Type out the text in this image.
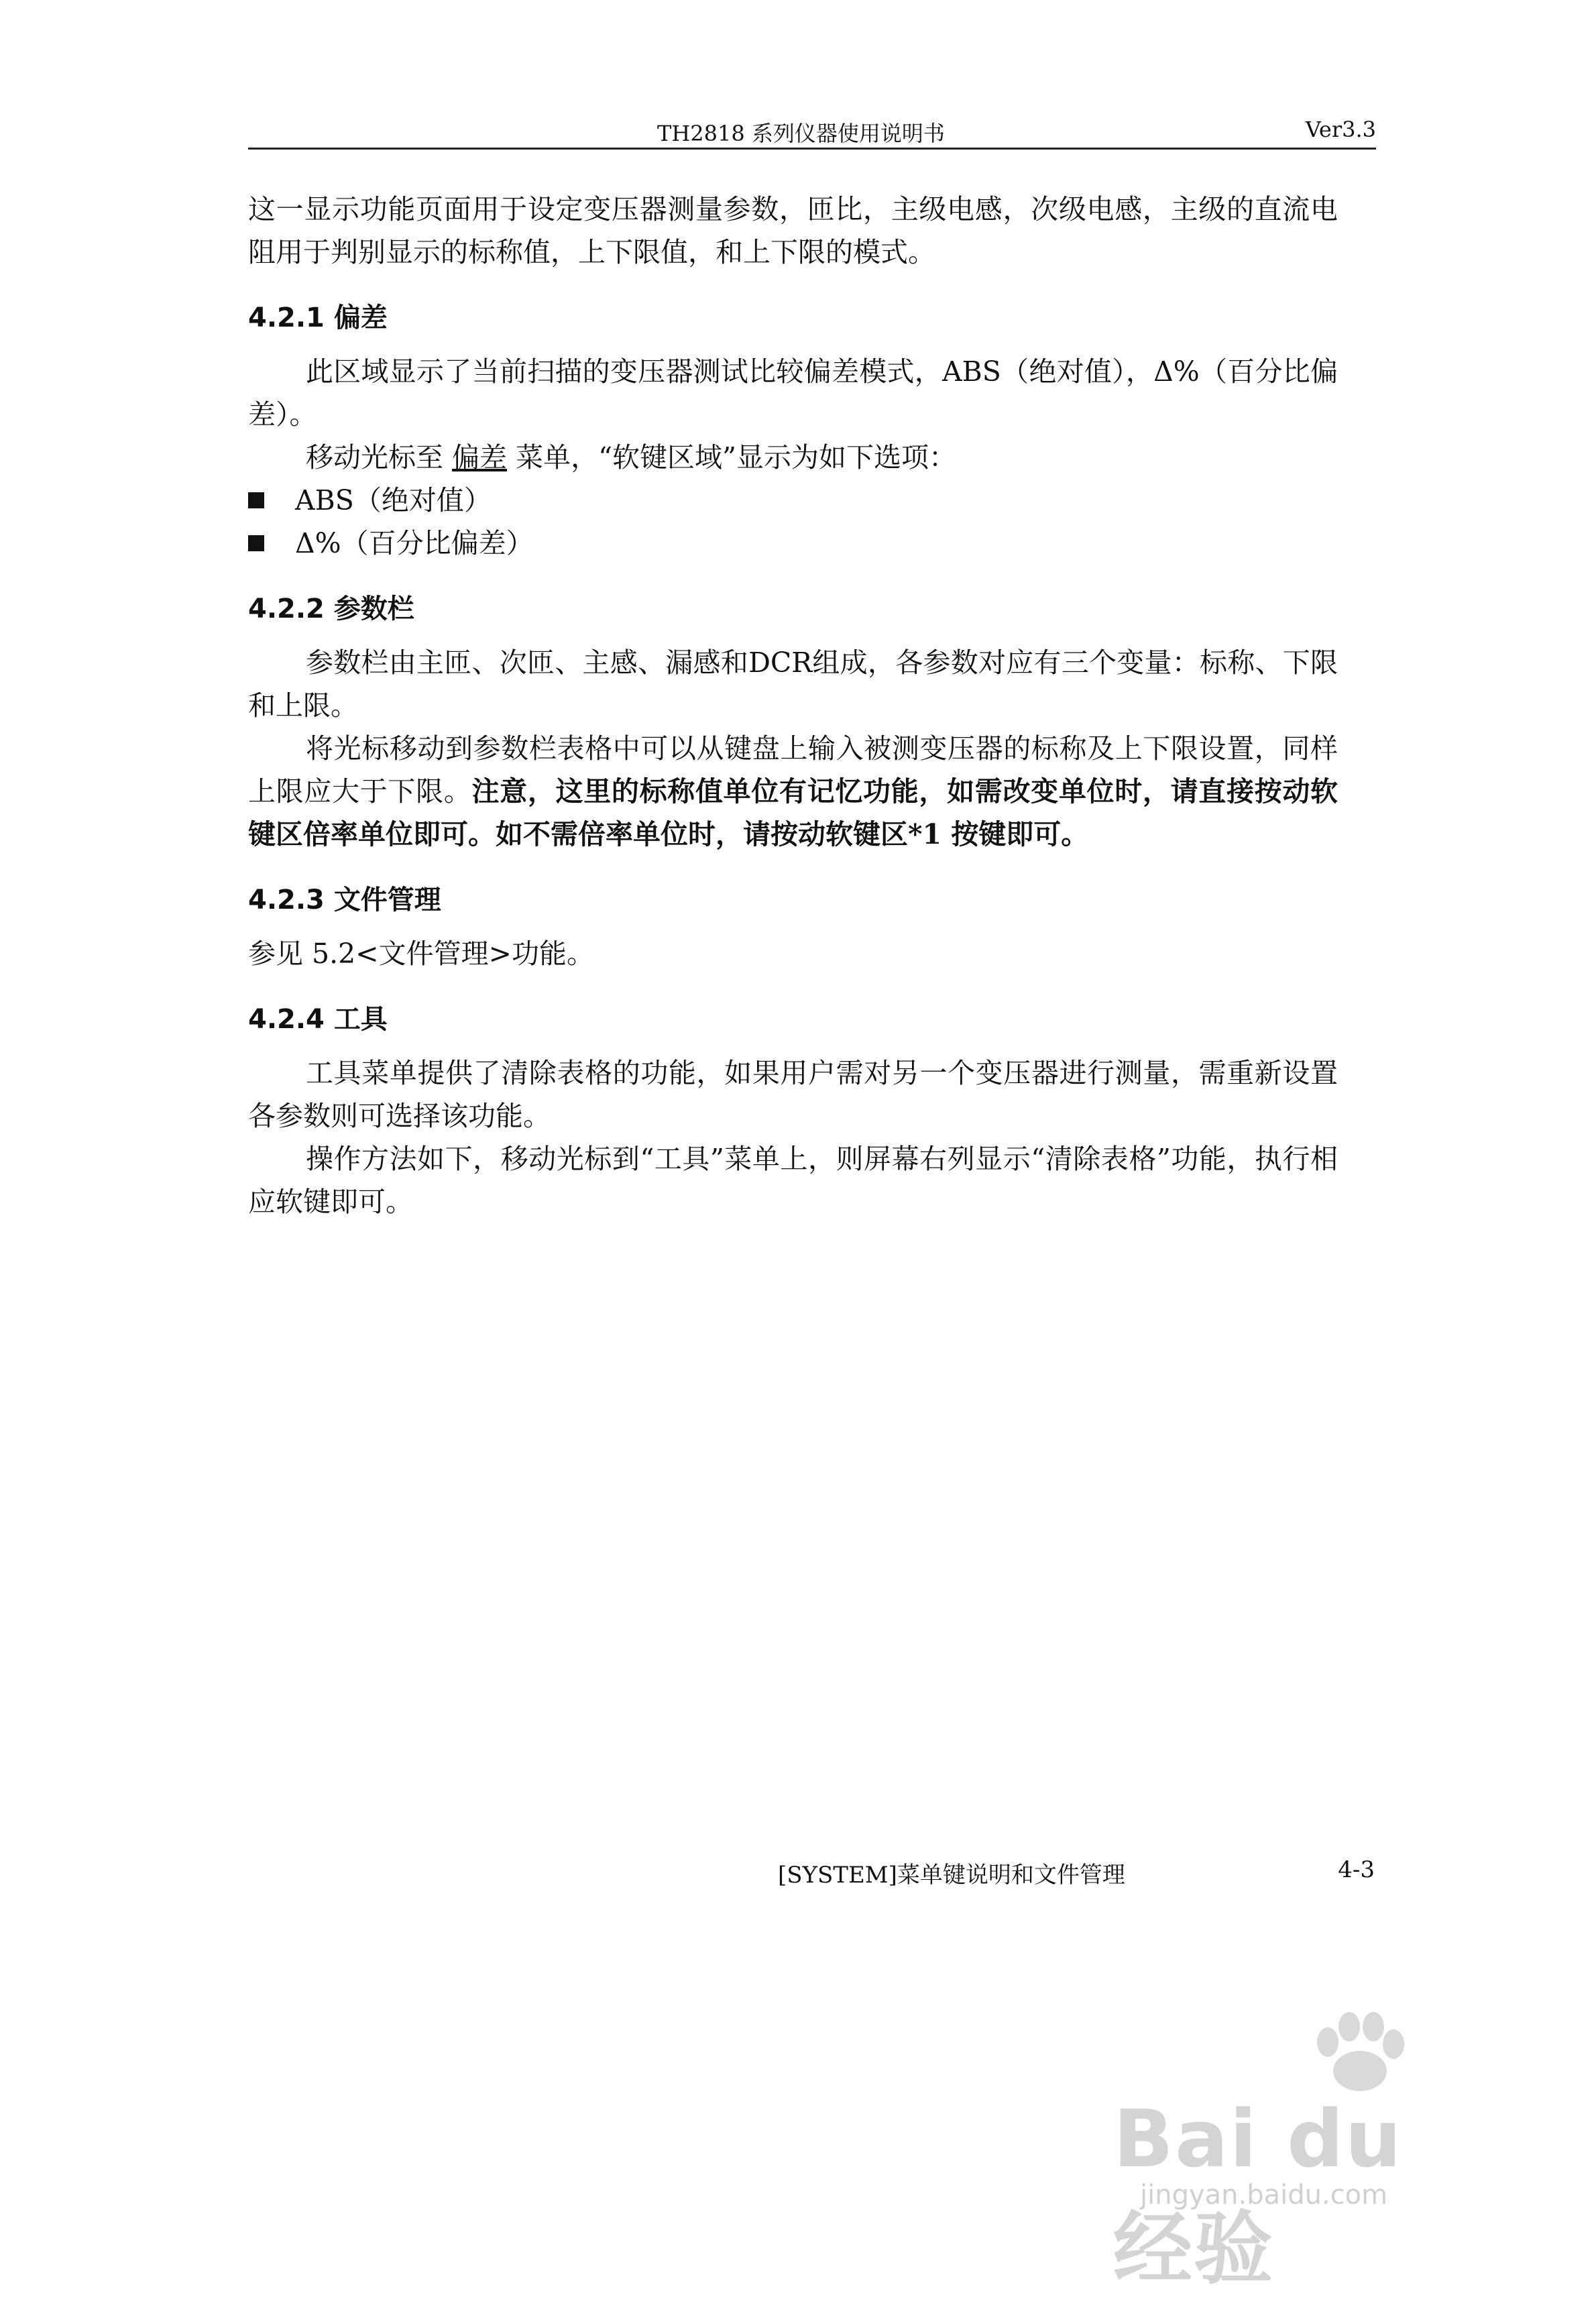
TH2818 系列仪器使用说明书	Ver3.3

这一显示功能页面用于设定变压器测量参数，匝比，主级电感，次级电感，主级的直流电阻用于判别显示的标称值，上下限值，和上下限的模式。

4.2.1 偏差

此区域显示了当前扫描的变压器测试比较偏差模式，ABS（绝对值），Δ%（百分比偏差）。

移动光标至 偏差 菜单，“软键区域”显示为如下选项：

ABS（绝对值）

Δ%（百分比偏差）

4.2.2 参数栏

参数栏由主匝、次匝、主感、漏感和DCR组成，各参数对应有三个变量：标称、下限和上限。

将光标移动到参数栏表格中可以从键盘上输入被测变压器的标称及上下限设置，同样上限应大于下限。注意，这里的标称值单位有记忆功能，如需改变单位时，请直接按动软键区倍率单位即可。如不需倍率单位时，请按动软键区*1 按键即可。

4.2.3 文件管理

参见 5.2<文件管理>功能。

4.2.4 工具

工具菜单提供了清除表格的功能，如果用户需对另一个变压器进行测量，需重新设置各参数则可选择该功能。

操作方法如下，移动光标到“工具”菜单上，则屏幕右列显示“清除表格”功能，执行相应软键即可。

[SYSTEM]菜单键说明和文件管理	4-3
Bai du 经验
jingyan.baidu.com
